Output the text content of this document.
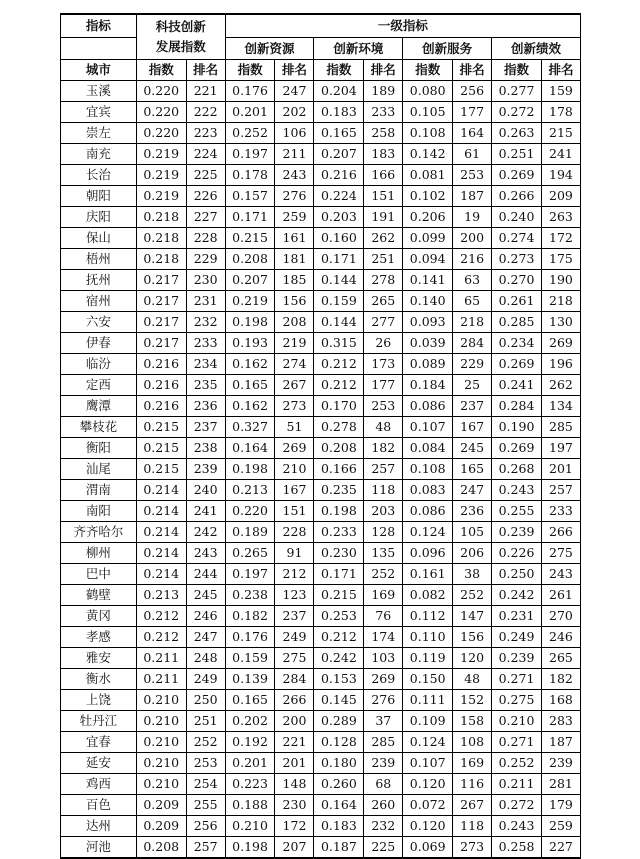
指标	科技创新
发展指数		一级指标							
			创新资源		创新环境		创新服务		创新绩效	
城市	指数	排名	指数	排名	指数	排名	指数	排名	指数	排名
玉溪	0.220	221	0.176	247	0.204	189	0.080	256	0.277	159
宜宾	0.220	222	0.201	202	0.183	233	0.105	177	0.272	178
崇左	0.220	223	0.252	106	0.165	258	0.108	164	0.263	215
南充	0.219	224	0.197	211	0.207	183	0.142	61	0.251	241
长治	0.219	225	0.178	243	0.216	166	0.081	253	0.269	194
朝阳	0.219	226	0.157	276	0.224	151	0.102	187	0.266	209
庆阳	0.218	227	0.171	259	0.203	191	0.206	19	0.240	263
保山	0.218	228	0.215	161	0.160	262	0.099	200	0.274	172
梧州	0.218	229	0.208	181	0.171	251	0.094	216	0.273	175
抚州	0.217	230	0.207	185	0.144	278	0.141	63	0.270	190
宿州	0.217	231	0.219	156	0.159	265	0.140	65	0.261	218
六安	0.217	232	0.198	208	0.144	277	0.093	218	0.285	130
伊春	0.217	233	0.193	219	0.315	26	0.039	284	0.234	269
临汾	0.216	234	0.162	274	0.212	173	0.089	229	0.269	196
定西	0.216	235	0.165	267	0.212	177	0.184	25	0.241	262
鹰潭	0.216	236	0.162	273	0.170	253	0.086	237	0.284	134
攀枝花	0.215	237	0.327	51	0.278	48	0.107	167	0.190	285
衡阳	0.215	238	0.164	269	0.208	182	0.084	245	0.269	197
汕尾	0.215	239	0.198	210	0.166	257	0.108	165	0.268	201
渭南	0.214	240	0.213	167	0.235	118	0.083	247	0.243	257
南阳	0.214	241	0.220	151	0.198	203	0.086	236	0.255	233
齐齐哈尔	0.214	242	0.189	228	0.233	128	0.124	105	0.239	266
柳州	0.214	243	0.265	91	0.230	135	0.096	206	0.226	275
巴中	0.214	244	0.197	212	0.171	252	0.161	38	0.250	243
鹤壁	0.213	245	0.238	123	0.215	169	0.082	252	0.242	261
黄冈	0.212	246	0.182	237	0.253	76	0.112	147	0.231	270
孝感	0.212	247	0.176	249	0.212	174	0.110	156	0.249	246
雅安	0.211	248	0.159	275	0.242	103	0.119	120	0.239	265
衡水	0.211	249	0.139	284	0.153	269	0.150	48	0.271	182
上饶	0.210	250	0.165	266	0.145	276	0.111	152	0.275	168
牡丹江	0.210	251	0.202	200	0.289	37	0.109	158	0.210	283
宜春	0.210	252	0.192	221	0.128	285	0.124	108	0.271	187
延安	0.210	253	0.201	201	0.180	239	0.107	169	0.252	239
鸡西	0.210	254	0.223	148	0.260	68	0.120	116	0.211	281
百色	0.209	255	0.188	230	0.164	260	0.072	267	0.272	179
达州	0.209	256	0.210	172	0.183	232	0.120	118	0.243	259
河池	0.208	257	0.198	207	0.187	225	0.069	273	0.258	227
